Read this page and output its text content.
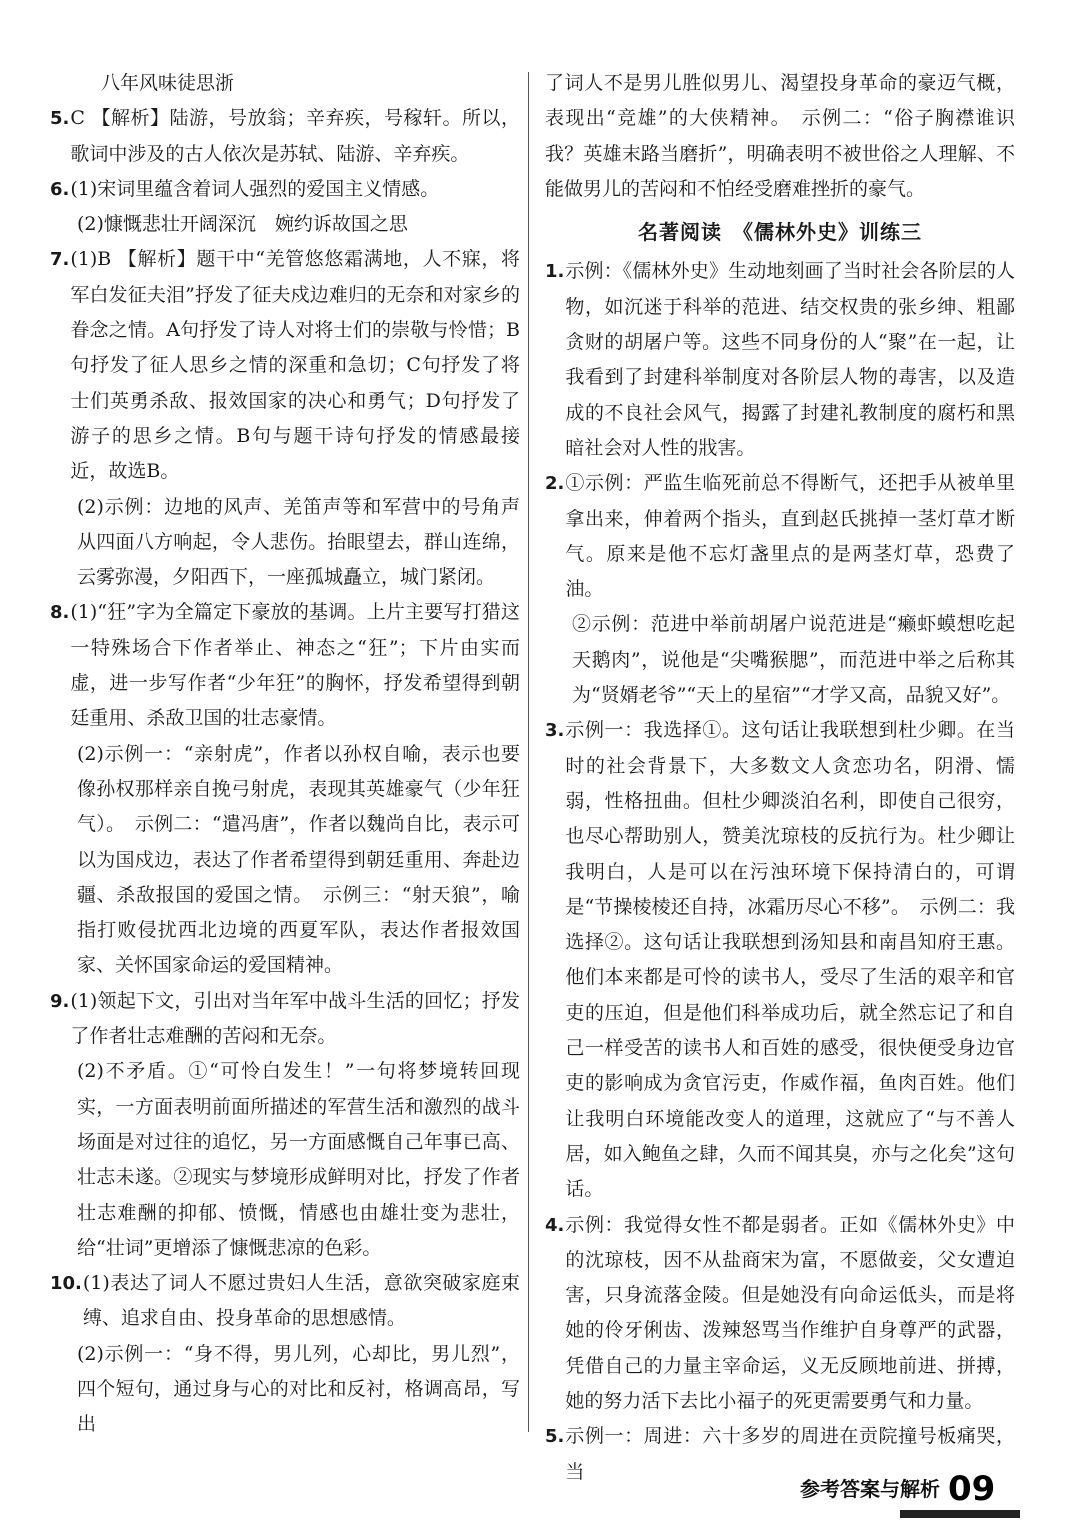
八年风味徒思浙
5. C 【解析】陆游，号放翁；辛弃疾，号稼轩。所以，歌词中涉及的古人依次是苏轼、陆游、辛弃疾。
6. (1)宋词里蕴含着词人强烈的爱国主义情感。
(2)慷慨悲壮开阔深沉　婉约诉故国之思
7. (1)B 【解析】题干中“羌管悠悠霜满地，人不寐，将军白发征夫泪”抒发了征夫戍边难归的无奈和对家乡的眷念之情。A句抒发了诗人对将士们的崇敬与怜惜；B句抒发了征人思乡之情的深重和急切；C句抒发了将士们英勇杀敌、报效国家的决心和勇气；D句抒发了游子的思乡之情。B句与题干诗句抒发的情感最接近，故选B。
(2)示例：边地的风声、羌笛声等和军营中的号角声从四面八方响起，令人悲伤。抬眼望去，群山连绵，云雾弥漫，夕阳西下，一座孤城矗立，城门紧闭。
8. (1)“狂”字为全篇定下豪放的基调。上片主要写打猎这一特殊场合下作者举止、神态之“狂”；下片由实而虚，进一步写作者“少年狂”的胸怀，抒发希望得到朝廷重用、杀敌卫国的壮志豪情。
(2)示例一：“亲射虎”，作者以孙权自喻，表示也要像孙权那样亲自挽弓射虎，表现其英雄豪气（少年狂气）。　示例二：“遣冯唐”，作者以魏尚自比，表示可以为国戍边，表达了作者希望得到朝廷重用、奔赴边疆、杀敌报国的爱国之情。　示例三：“射天狼”，喻指打败侵扰西北边境的西夏军队，表达作者报效国家、关怀国家命运的爱国精神。
9. (1)领起下文，引出对当年军中战斗生活的回忆；抒发了作者壮志难酬的苦闷和无奈。
(2)不矛盾。①“可怜白发生！”一句将梦境转回现实，一方面表明前面所描述的军营生活和激烈的战斗场面是对过往的追忆，另一方面感慨自己年事已高、壮志未遂。②现实与梦境形成鲜明对比，抒发了作者壮志难酬的抑郁、愤慨，情感也由雄壮变为悲壮，给“壮词”更增添了慷慨悲凉的色彩。
10. (1)表达了词人不愿过贵妇人生活，意欲突破家庭束缚、追求自由、投身革命的思想感情。
(2)示例一：“身不得，男儿列，心却比，男儿烈”，四个短句，通过身与心的对比和反衬，格调高昂，写出
了词人不是男儿胜似男儿、渴望投身革命的豪迈气概，表现出“竞雄”的大侠精神。　示例二：“俗子胸襟谁识我？英雄末路当磨折”，明确表明不被世俗之人理解、不能做男儿的苦闷和不怕经受磨难挫折的豪气。
名著阅读　《儒林外史》训练三
1. 示例：《儒林外史》生动地刻画了当时社会各阶层的人物，如沉迷于科举的范进、结交权贵的张乡绅、粗鄙贪财的胡屠户等。这些不同身份的人“聚”在一起，让我看到了封建科举制度对各阶层人物的毒害，以及造成的不良社会风气，揭露了封建礼教制度的腐朽和黑暗社会对人性的戕害。
2. ①示例：严监生临死前总不得断气，还把手从被单里拿出来，伸着两个指头，直到赵氏挑掉一茎灯草才断气。原来是他不忘灯盏里点的是两茎灯草，恐费了油。
②示例：范进中举前胡屠户说范进是“癞虾蟆想吃起天鹅肉”，说他是“尖嘴猴腮”，而范进中举之后称其为“贤婿老爷”“天上的星宿”“才学又高，品貌又好”。
3. 示例一：我选择①。这句话让我联想到杜少卿。在当时的社会背景下，大多数文人贪恋功名，阴滑、懦弱，性格扭曲。但杜少卿淡泊名利，即使自己很穷，也尽心帮助别人，赞美沈琼枝的反抗行为。杜少卿让我明白，人是可以在污浊环境下保持清白的，可谓是“节操棱棱还自持，冰霜历尽心不移”。　示例二：我选择②。这句话让我联想到汤知县和南昌知府王惠。他们本来都是可怜的读书人，受尽了生活的艰辛和官吏的压迫，但是他们科举成功后，就全然忘记了和自己一样受苦的读书人和百姓的感受，很快便受身边官吏的影响成为贪官污吏，作威作福，鱼肉百姓。他们让我明白环境能改变人的道理，这就应了“与不善人居，如入鲍鱼之肆，久而不闻其臭，亦与之化矣”这句话。
4. 示例：我觉得女性不都是弱者。正如《儒林外史》中的沈琼枝，因不从盐商宋为富，不愿做妾，父女遭迫害，只身流落金陵。但是她没有向命运低头，而是将她的伶牙俐齿、泼辣怒骂当作维护自身尊严的武器，凭借自己的力量主宰命运，义无反顾地前进、拼搏，她的努力活下去比小福子的死更需要勇气和力量。
5. 示例一：周进：六十多岁的周进在贡院撞号板痛哭，当
参考答案与解析 09
